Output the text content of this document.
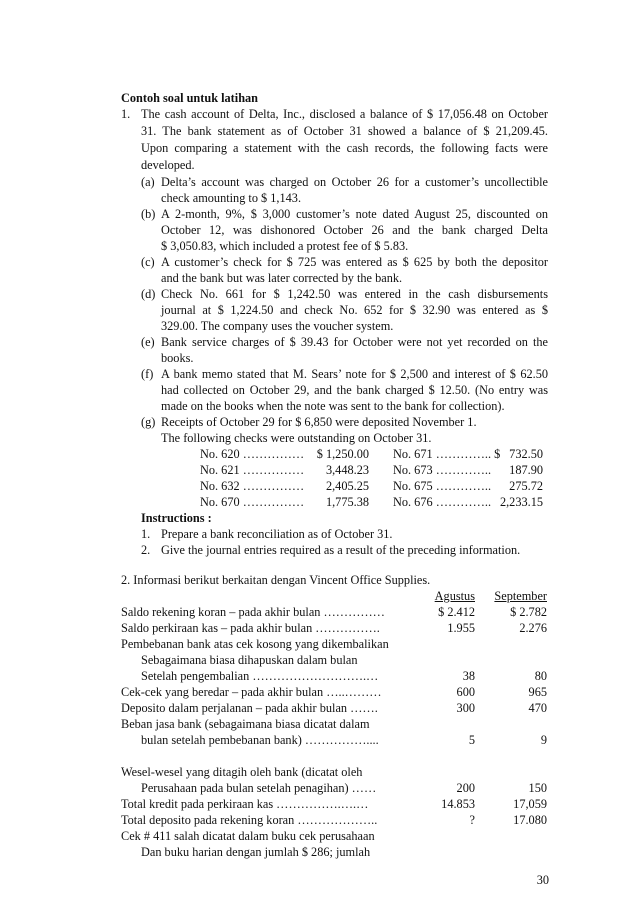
Contoh soal untuk latihan
1. The cash account of Delta, Inc., disclosed a balance of $ 17,056.48 on October
31. The bank statement as of October 31 showed a balance of $ 21,209.45.
Upon comparing a statement with the cash records, the following facts were
developed.
(a) Delta’s account was charged on October 26 for a customer’s uncollectible
check amounting to $ 1,143.
(b) A 2-month, 9%, $ 3,000 customer’s note dated August 25, discounted on
October 12, was dishonored October 26 and the bank charged Delta
$ 3,050.83, which included a protest fee of $ 5.83.
(c) A customer’s check for $ 725 was entered as $ 625 by both the depositor
and the bank but was later corrected by the bank.
(d) Check No. 661 for $ 1,242.50 was entered in the cash disbursements
journal at $ 1,224.50 and check No. 652 for $ 32.90 was entered as $
329.00. The company uses the voucher system.
(e) Bank service charges of $ 39.43 for October were not yet recorded on the
books.
(f) A bank memo stated that M. Sears’ note for $ 2,500 and interest of $ 62.50
had collected on October 29, and the bank charged $ 12.50. (No entry was
made on the books when the note was sent to the bank for collection).
(g) Receipts of October 29 for $ 6,850 were deposited November 1.
The following checks were outstanding on October 31.
No. 620 …………… $ 1,250.00 No. 671 ………….. $ 732.50
No. 621 …………… 3,448.23 No. 673 ………….. 187.90
No. 632 …………… 2,405.25 No. 675 ………….. 275.72
No. 670 …………… 1,775.38 No. 676 ………….. 2,233.15
Instructions :
1. Prepare a bank reconciliation as of October 31.
2. Give the journal entries required as a result of the preceding information.
2. Informasi berikut berkaitan dengan Vincent Office Supplies.
Agustus September
Saldo rekening koran – pada akhir bulan ……………	$ 2.412	$ 2.782
Saldo perkiraan kas – pada akhir bulan …………….	1.955	2.276
Pembebanan bank atas cek kosong yang dikembalikan
Sebagaimana biasa dihapuskan dalam bulan
Setelah pengembalian ……………………….…	38	80
Cek-cek yang beredar – pada akhir bulan …..………	600	965
Deposito dalam perjalanan – pada akhir bulan …….	300	470
Beban jasa bank (sebagaimana biasa dicatat dalam
bulan setelah pembebanan bank) ……………....	5	9
Wesel-wesel yang ditagih oleh bank (dicatat oleh
Perusahaan pada bulan setelah penagihan) ……	200	150
Total kredit pada perkiraan kas …………….….…	14.853	17,059
Total deposito pada rekening koran ………………..	?	17.080
Cek # 411 salah dicatat dalam buku cek perusahaan
Dan buku harian dengan jumlah $ 286; jumlah
30
